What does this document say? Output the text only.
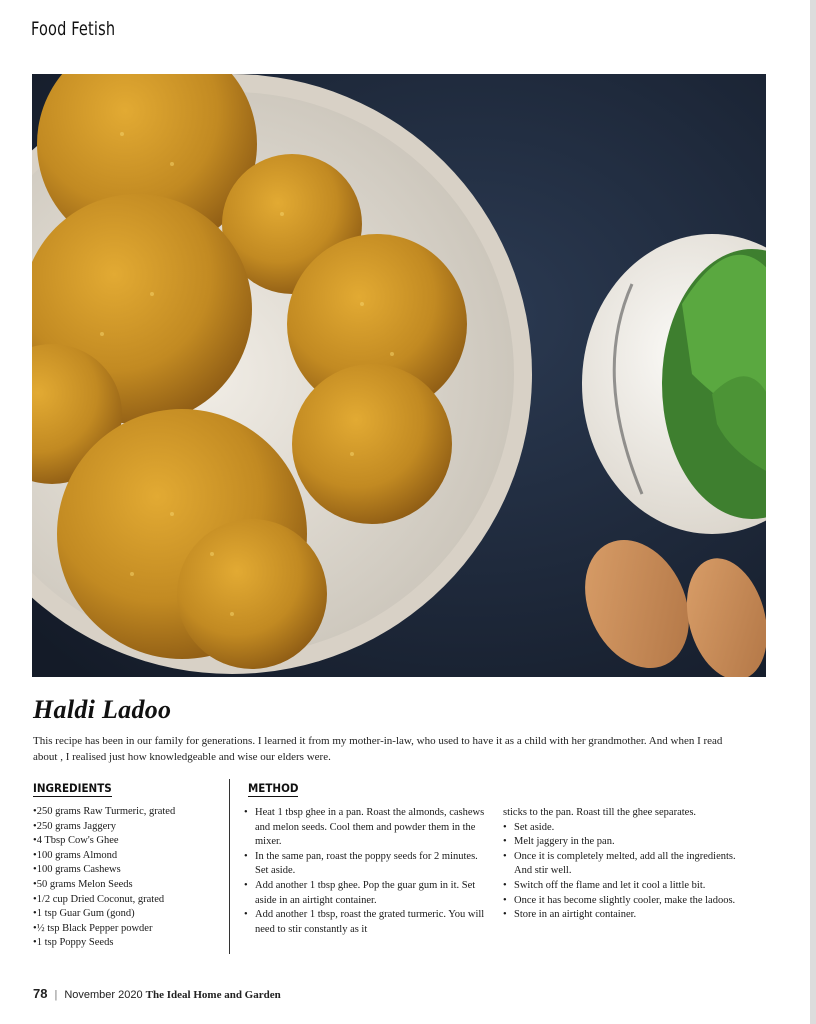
Food Fetish
Haldi Ladoo
This recipe has been in our family for generations. I learned it from my mother-in-law, who used to have it as a child with her grandmother. And when I read about , I realised just how knowledgeable and wise our elders were.
INGREDIENTS	METHOD
• 250 grams Raw Turmeric, grated
• 250 grams Jaggery
• 4 Tbsp Cow's Ghee
• 100 grams Almond
• 100 grams Cashews
• 50 grams Melon Seeds
• 1/2 cup Dried Coconut, grated
• 1 tsp Guar Gum (gond)
• ½ tsp Black Pepper powder
• 1 tsp Poppy Seeds
• Heat 1 tbsp ghee in a pan. Roast the almonds, cashews and melon seeds. Cool them and powder them in the mixer.
• In the same pan, roast the poppy seeds for 2 minutes. Set aside.
• Add another 1 tbsp ghee. Pop the guar gum in it. Set aside in an airtight container.
• Add another 1 tbsp, roast the grated turmeric. You will need to stir constantly as it
sticks to the pan. Roast till the ghee separates.
• Set aside.
• Melt jaggery in the pan.
• Once it is completely melted, add all the ingredients. And stir well.
• Switch off the flame and let it cool a little bit.
• Once it has become slightly cooler, make the ladoos.
• Store in an airtight container.
78 | November 2020 The Ideal Home and Garden
